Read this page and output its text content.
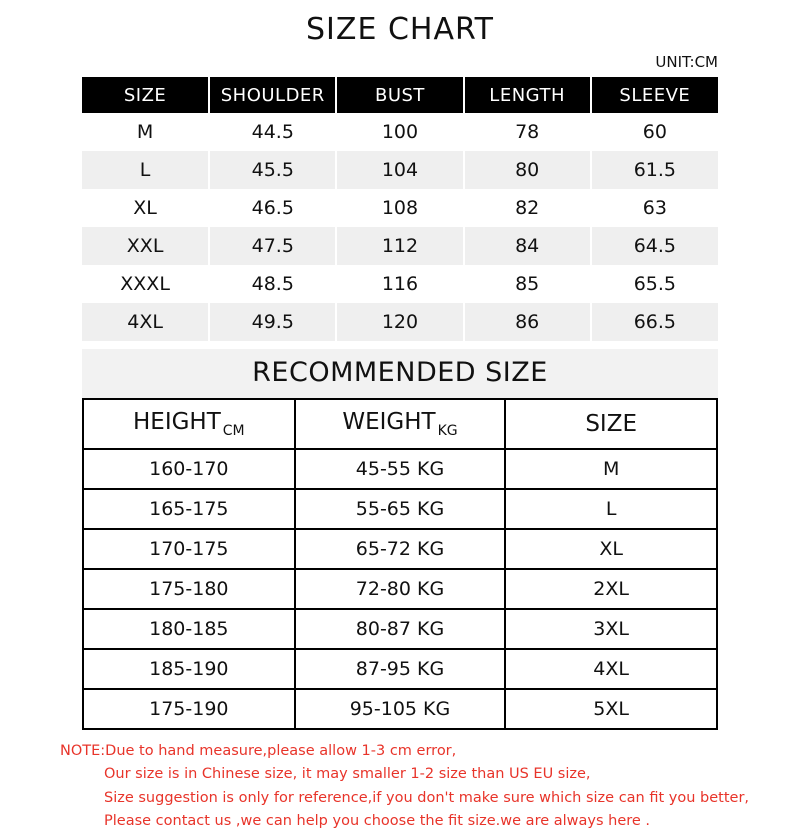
SIZE CHART
UNIT:CM
SIZE	SHOULDER	BUST	LENGTH	SLEEVE
M	44.5	100	78	60
L	45.5	104	80	61.5
XL	46.5	108	82	63
XXL	47.5	112	84	64.5
XXXL	48.5	116	85	65.5
4XL	49.5	120	86	66.5
RECOMMENDED SIZE
HEIGHT $_{CM}$	WEIGHT $_{KG}$	SIZE
160-170	45-55 KG	M
165-175	55-65 KG	L
170-175	65-72 KG	XL
175-180	72-80 KG	2XL
180-185	80-87 KG	3XL
185-190	87-95 KG	4XL
175-190	95-105 KG	5XL
NOTE:Due to hand measure,please allow 1-3 cm error,
Our size is in Chinese size, it may smaller 1-2 size than US EU size,
Size suggestion is only for reference,if you don't make sure which size can fit you better,
Please contact us ,we can help you choose the fit size.we are always here .
